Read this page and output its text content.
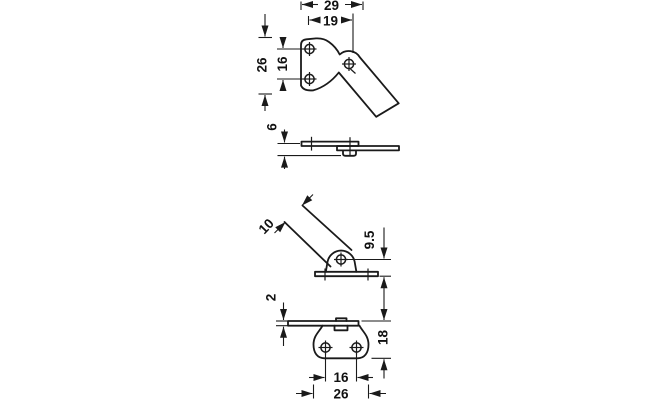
29
19
26 16
6
10
9.5
2
18
16
26
